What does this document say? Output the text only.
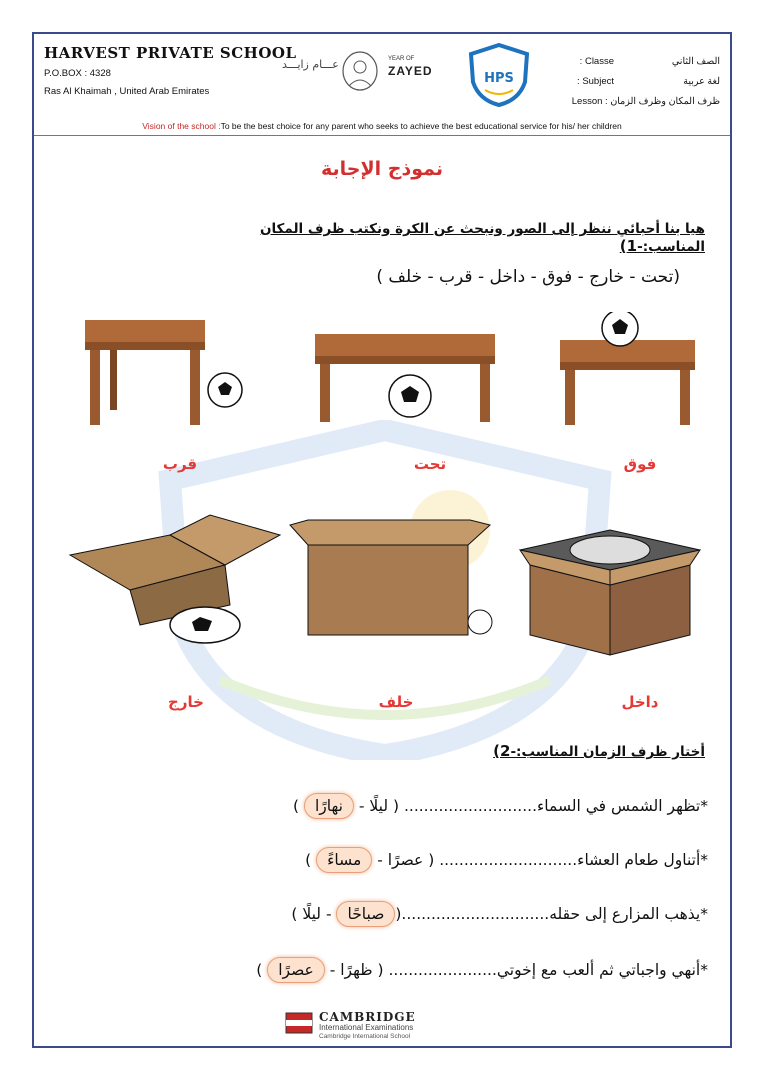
HARVEST PRIVATE SCHOOL
P.O.BOX : 4328
Ras Al Khaimah , United Arab Emirates
عـــام زايـــد	YEAR OF
ZAYED	HPS
Classe :	الصف الثاني
Subject :	لغة عربية
ظرف المكان وظرف الزمان Lesson :
Vision of the school :To be the best choice for any parent who seeks to achieve the best educational service for his/ her children
نموذج الإجابة
هيا بنا أحبائي ننظر إلى الصور ونبحث عن الكرة ونكتب ظرف المكان المناسب:-1)
(تحت - خارج - فوق - داخل - قرب - خلف )
فوق
تحت
قرب
داخل
خلف
خارج
أختار ظرف الزمان المناسب:-2)
*تظهر الشمس في السماء........................... ( ليلًا - نهارًا )
*أتناول طعام العشاء............................ ( عصرًا - مساءً )
*يذهب المزارع إلى حقله..............................(صباحًا - ليلًا )
*أنهي واجباتي ثم ألعب مع إخوتي...................... ( ظهرًا - عصرًا )
CAMBRIDGE
International Examinations
Cambridge International School
